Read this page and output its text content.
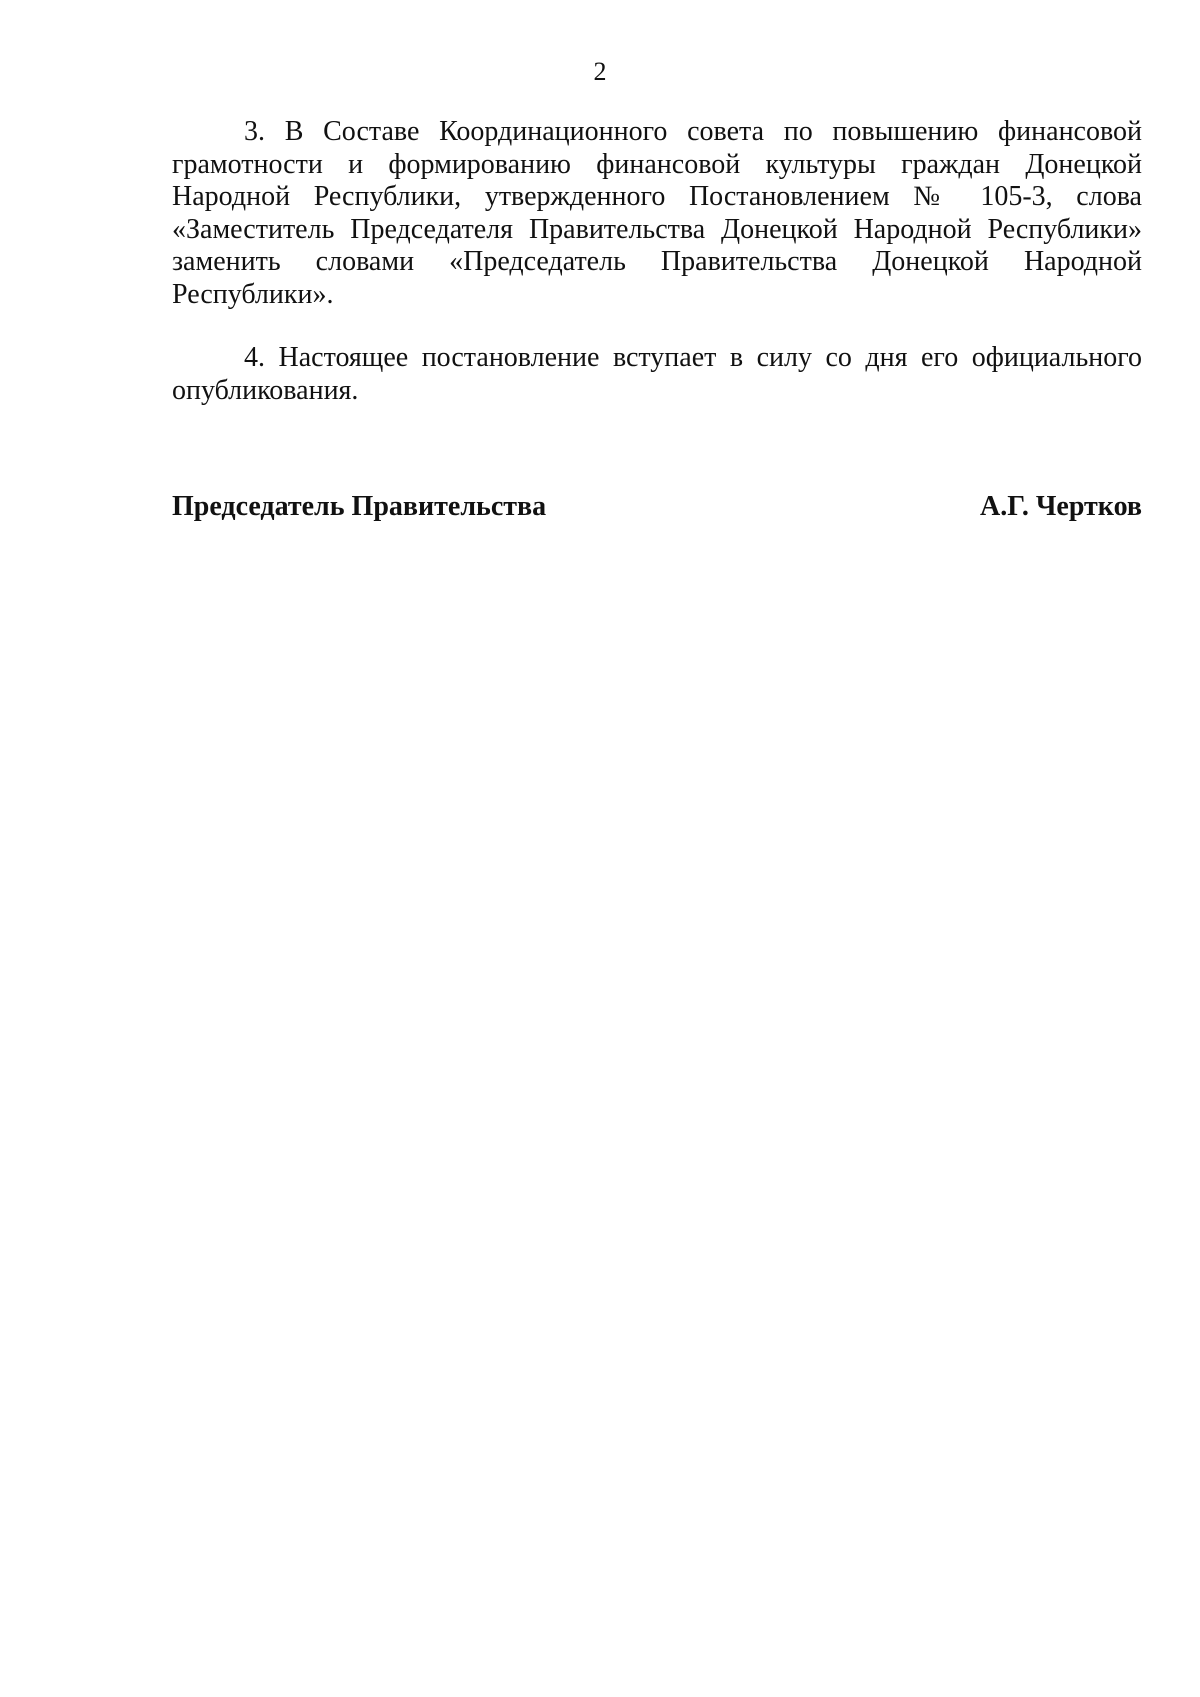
2

3. В Составе Координационного совета по повышению финансовой грамотности и формированию финансовой культуры граждан Донецкой Народной Республики, утвержденного Постановлением № 105-3, слова «Заместитель Председателя Правительства Донецкой Народной Республики» заменить словами «Председатель Правительства Донецкой Народной Республики».

4. Настоящее постановление вступает в силу со дня его официального опубликования.

Председатель Правительства	А.Г. Чертков
